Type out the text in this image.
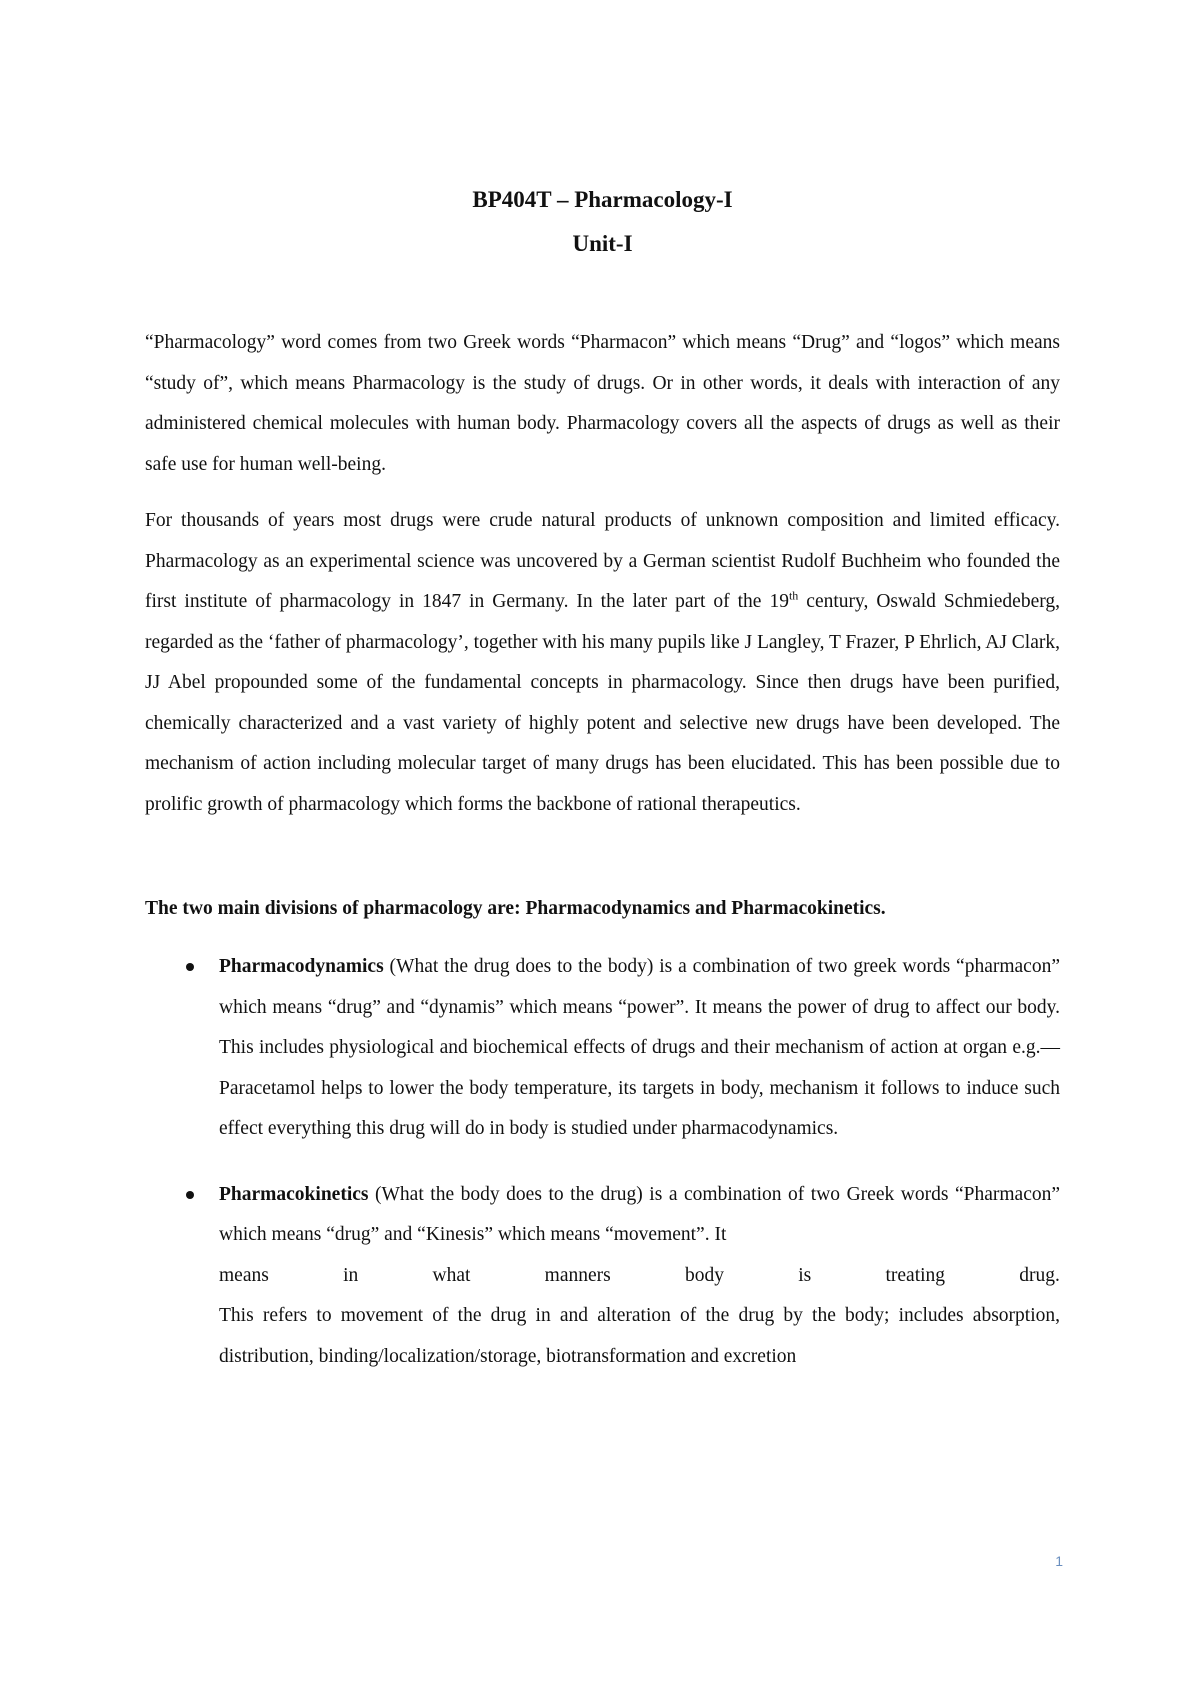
BP404T – Pharmacology-I
Unit-I

“Pharmacology” word comes from two Greek words “Pharmacon” which means “Drug” and “logos” which means “study of”, which means Pharmacology is the study of drugs. Or in other words, it deals with interaction of any administered chemical molecules with human body. Pharmacology covers all the aspects of drugs as well as their safe use for human well-being.

For thousands of years most drugs were crude natural products of unknown composition and limited efficacy. Pharmacology as an experimental science was uncovered by a German scientist Rudolf Buchheim who founded the first institute of pharmacology in 1847 in Germany. In the later part of the 19th century, Oswald Schmiedeberg, regarded as the ‘father of pharmacology’, together with his many pupils like J Langley, T Frazer, P Ehrlich, AJ Clark, JJ Abel propounded some of the fundamental concepts in pharmacology. Since then drugs have been purified, chemically characterized and a vast variety of highly potent and selective new drugs have been developed. The mechanism of action including molecular target of many drugs has been elucidated. This has been possible due to prolific growth of pharmacology which forms the backbone of rational therapeutics.

The two main divisions of pharmacology are: Pharmacodynamics and Pharmacokinetics.

Pharmacodynamics (What the drug does to the body) is a combination of two greek words “pharmacon” which means “drug” and “dynamis” which means “power”. It means the power of drug to affect our body. This includes physiological and biochemical effects of drugs and their mechanism of action at organ e.g.— Paracetamol helps to lower the body temperature, its targets in body, mechanism it follows to induce such effect everything this drug will do in body is studied under pharmacodynamics.
Pharmacokinetics (What the body does to the drug) is a combination of two Greek words “Pharmacon” which means “drug” and “Kinesis” which means “movement”. It
means	in	what	manners	body	is	treating	drug.
This refers to movement of the drug in and alteration of the drug by the body; includes absorption, distribution, binding/localization/storage, biotransformation and excretion
1
